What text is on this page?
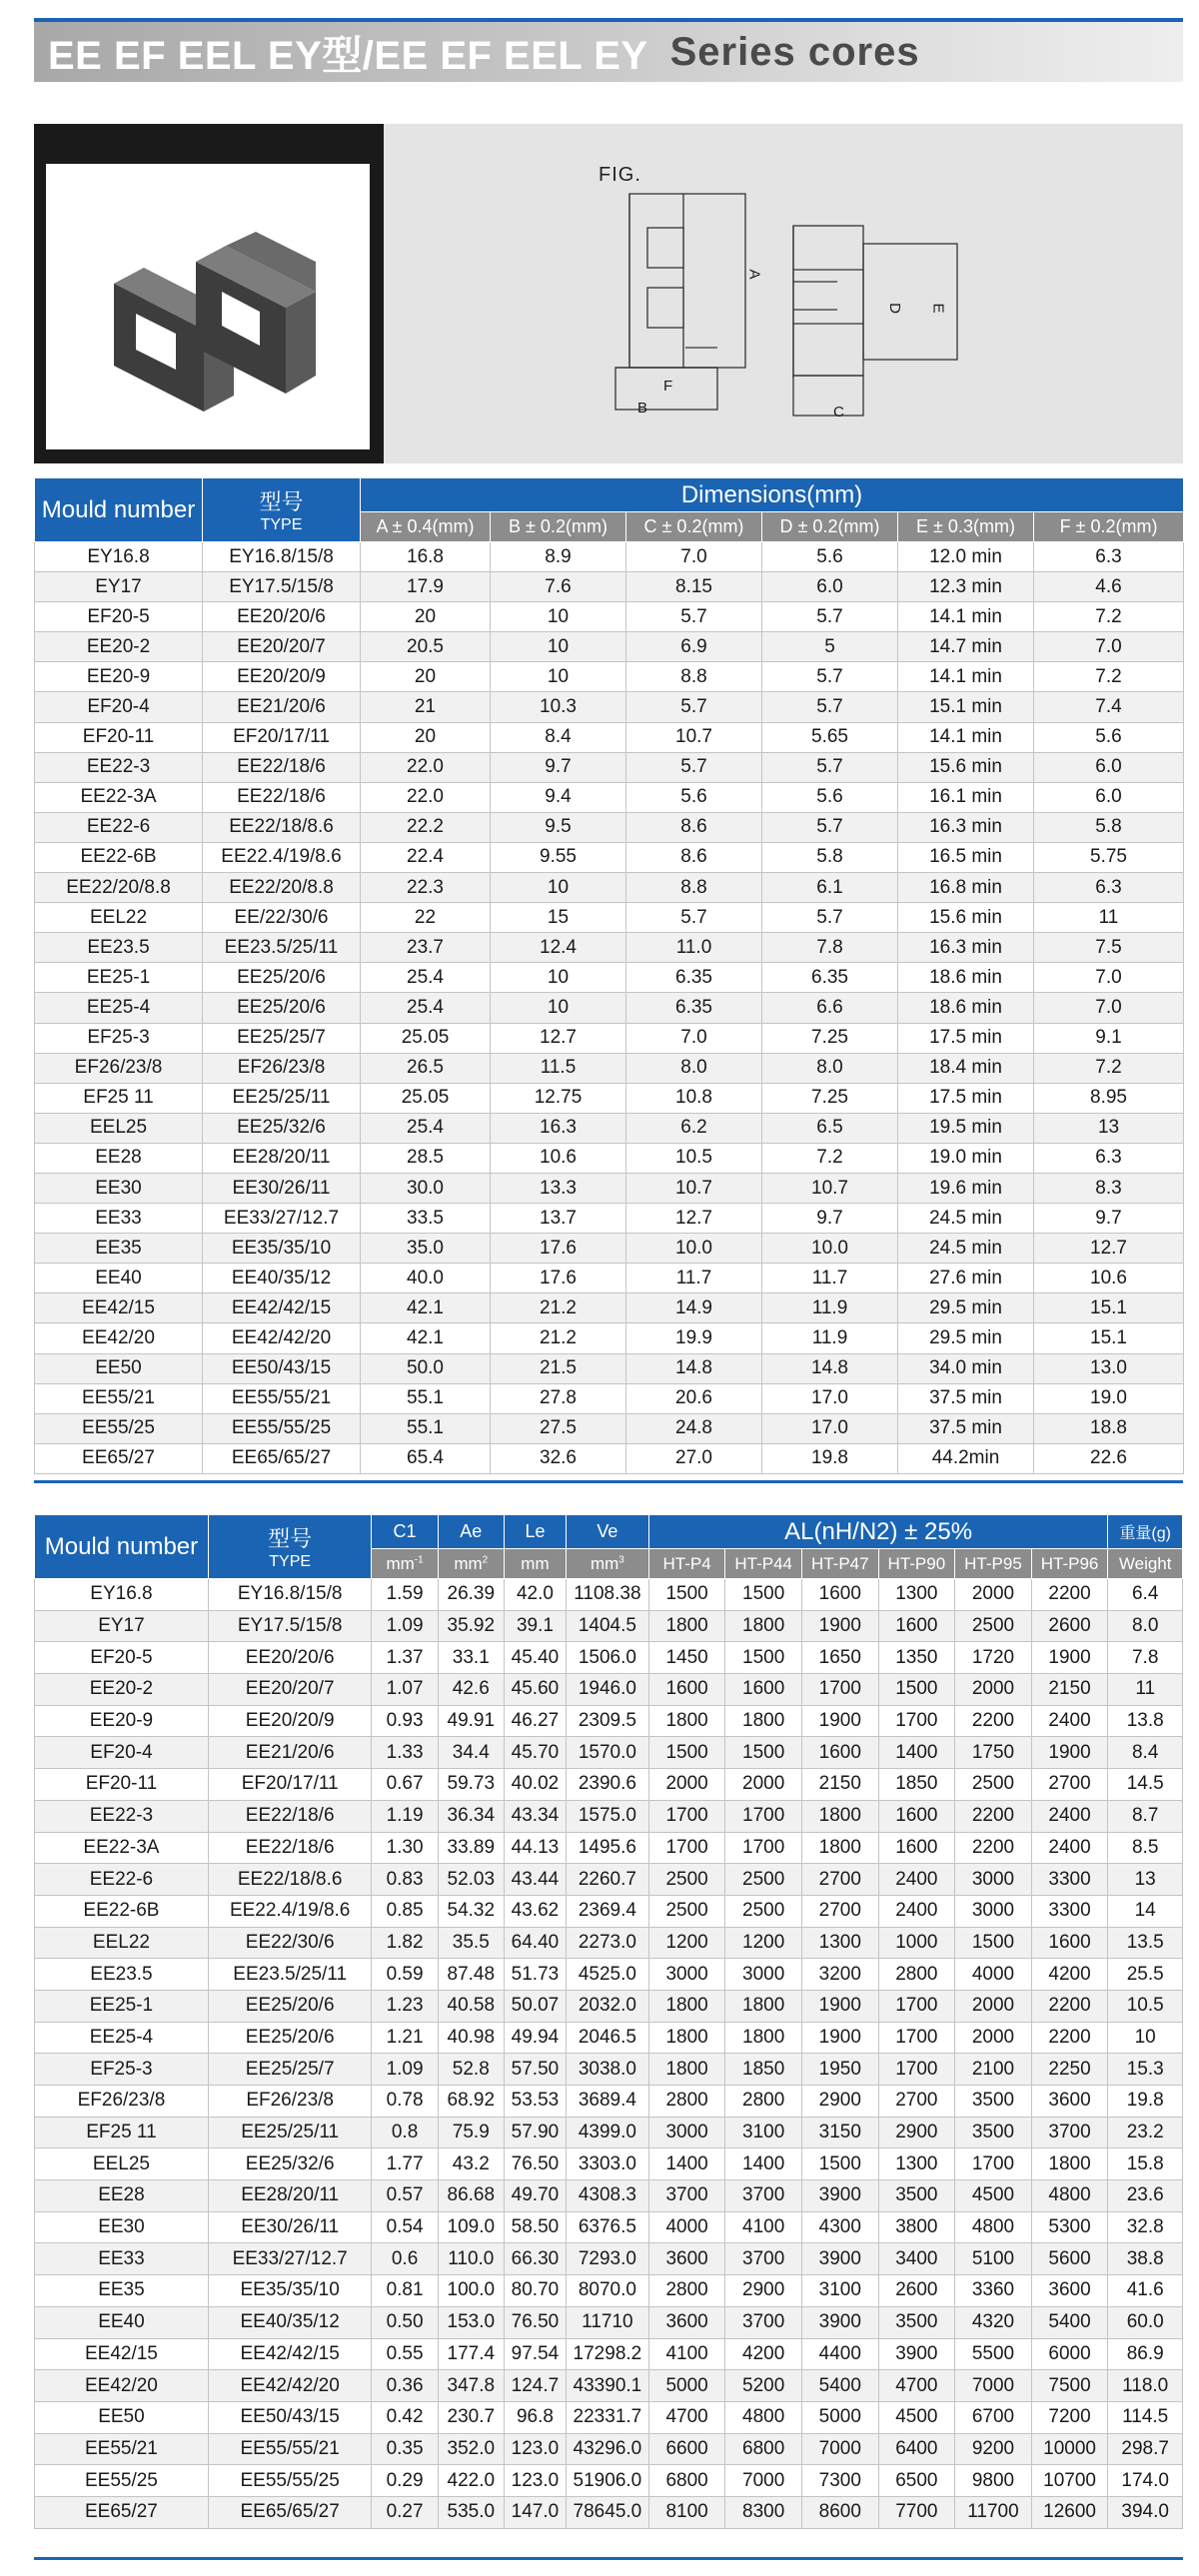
EE EF EEL EY型/EE EF EEL EY Series cores
FIG.
A
B
F
D E
C
Mould number	型号
TYPE	Dimensions(mm)					
		A ± 0.4(mm)	B ± 0.2(mm)	C ± 0.2(mm)	D ± 0.2(mm)	E ± 0.3(mm)	F ± 0.2(mm)
EY16.8	EY16.8/15/8	16.8	8.9	7.0	5.6	12.0 min	6.3
EY17	EY17.5/15/8	17.9	7.6	8.15	6.0	12.3 min	4.6
EF20-5	EE20/20/6	20	10	5.7	5.7	14.1 min	7.2
EE20-2	EE20/20/7	20.5	10	6.9	5	14.7 min	7.0
EE20-9	EE20/20/9	20	10	8.8	5.7	14.1 min	7.2
EF20-4	EE21/20/6	21	10.3	5.7	5.7	15.1 min	7.4
EF20-11	EF20/17/11	20	8.4	10.7	5.65	14.1 min	5.6
EE22-3	EE22/18/6	22.0	9.7	5.7	5.7	15.6 min	6.0
EE22-3A	EE22/18/6	22.0	9.4	5.6	5.6	16.1 min	6.0
EE22-6	EE22/18/8.6	22.2	9.5	8.6	5.7	16.3 min	5.8
EE22-6B	EE22.4/19/8.6	22.4	9.55	8.6	5.8	16.5 min	5.75
EE22/20/8.8	EE22/20/8.8	22.3	10	8.8	6.1	16.8 min	6.3
EEL22	EE/22/30/6	22	15	5.7	5.7	15.6 min	11
EE23.5	EE23.5/25/11	23.7	12.4	11.0	7.8	16.3 min	7.5
EE25-1	EE25/20/6	25.4	10	6.35	6.35	18.6 min	7.0
EE25-4	EE25/20/6	25.4	10	6.35	6.6	18.6 min	7.0
EF25-3	EE25/25/7	25.05	12.7	7.0	7.25	17.5 min	9.1
EF26/23/8	EF26/23/8	26.5	11.5	8.0	8.0	18.4 min	7.2
EF25 11	EE25/25/11	25.05	12.75	10.8	7.25	17.5 min	8.95
EEL25	EE25/32/6	25.4	16.3	6.2	6.5	19.5 min	13
EE28	EE28/20/11	28.5	10.6	10.5	7.2	19.0 min	6.3
EE30	EE30/26/11	30.0	13.3	10.7	10.7	19.6 min	8.3
EE33	EE33/27/12.7	33.5	13.7	12.7	9.7	24.5 min	9.7
EE35	EE35/35/10	35.0	17.6	10.0	10.0	24.5 min	12.7
EE40	EE40/35/12	40.0	17.6	11.7	11.7	27.6 min	10.6
EE42/15	EE42/42/15	42.1	21.2	14.9	11.9	29.5 min	15.1
EE42/20	EE42/42/20	42.1	21.2	19.9	11.9	29.5 min	15.1
EE50	EE50/43/15	50.0	21.5	14.8	14.8	34.0 min	13.0
EE55/21	EE55/55/21	55.1	27.8	20.6	17.0	37.5 min	19.0
EE55/25	EE55/55/25	55.1	27.5	24.8	17.0	37.5 min	18.8
EE65/27	EE65/65/27	65.4	32.6	27.0	19.8	44.2min	22.6
Mould number	型号
TYPE	C1	Ae	Le	Ve	AL(nH/N2) ± 25%						重量(g)
		$mm^{-1}$	$mm^2$	mm	$mm^3$	HT-P4	HT-P44	HT-P47	HT-P90	HT-P95	HT-P96	Weight
EY16.8	EY16.8/15/8	1.59	26.39	42.0	1108.38	1500	1500	1600	1300	2000	2200	6.4
EY17	EY17.5/15/8	1.09	35.92	39.1	1404.5	1800	1800	1900	1600	2500	2600	8.0
EF20-5	EE20/20/6	1.37	33.1	45.40	1506.0	1450	1500	1650	1350	1720	1900	7.8
EE20-2	EE20/20/7	1.07	42.6	45.60	1946.0	1600	1600	1700	1500	2000	2150	11
EE20-9	EE20/20/9	0.93	49.91	46.27	2309.5	1800	1800	1900	1700	2200	2400	13.8
EF20-4	EE21/20/6	1.33	34.4	45.70	1570.0	1500	1500	1600	1400	1750	1900	8.4
EF20-11	EF20/17/11	0.67	59.73	40.02	2390.6	2000	2000	2150	1850	2500	2700	14.5
EE22-3	EE22/18/6	1.19	36.34	43.34	1575.0	1700	1700	1800	1600	2200	2400	8.7
EE22-3A	EE22/18/6	1.30	33.89	44.13	1495.6	1700	1700	1800	1600	2200	2400	8.5
EE22-6	EE22/18/8.6	0.83	52.03	43.44	2260.7	2500	2500	2700	2400	3000	3300	13
EE22-6B	EE22.4/19/8.6	0.85	54.32	43.62	2369.4	2500	2500	2700	2400	3000	3300	14
EEL22	EE22/30/6	1.82	35.5	64.40	2273.0	1200	1200	1300	1000	1500	1600	13.5
EE23.5	EE23.5/25/11	0.59	87.48	51.73	4525.0	3000	3000	3200	2800	4000	4200	25.5
EE25-1	EE25/20/6	1.23	40.58	50.07	2032.0	1800	1800	1900	1700	2000	2200	10.5
EE25-4	EE25/20/6	1.21	40.98	49.94	2046.5	1800	1800	1900	1700	2000	2200	10
EF25-3	EE25/25/7	1.09	52.8	57.50	3038.0	1800	1850	1950	1700	2100	2250	15.3
EF26/23/8	EF26/23/8	0.78	68.92	53.53	3689.4	2800	2800	2900	2700	3500	3600	19.8
EF25 11	EE25/25/11	0.8	75.9	57.90	4399.0	3000	3100	3150	2900	3500	3700	23.2
EEL25	EE25/32/6	1.77	43.2	76.50	3303.0	1400	1400	1500	1300	1700	1800	15.8
EE28	EE28/20/11	0.57	86.68	49.70	4308.3	3700	3700	3900	3500	4500	4800	23.6
EE30	EE30/26/11	0.54	109.0	58.50	6376.5	4000	4100	4300	3800	4800	5300	32.8
EE33	EE33/27/12.7	0.6	110.0	66.30	7293.0	3600	3700	3900	3400	5100	5600	38.8
EE35	EE35/35/10	0.81	100.0	80.70	8070.0	2800	2900	3100	2600	3360	3600	41.6
EE40	EE40/35/12	0.50	153.0	76.50	11710	3600	3700	3900	3500	4320	5400	60.0
EE42/15	EE42/42/15	0.55	177.4	97.54	17298.2	4100	4200	4400	3900	5500	6000	86.9
EE42/20	EE42/42/20	0.36	347.8	124.7	43390.1	5000	5200	5400	4700	7000	7500	118.0
EE50	EE50/43/15	0.42	230.7	96.8	22331.7	4700	4800	5000	4500	6700	7200	114.5
EE55/21	EE55/55/21	0.35	352.0	123.0	43296.0	6600	6800	7000	6400	9200	10000	298.7
EE55/25	EE55/55/25	0.29	422.0	123.0	51906.0	6800	7000	7300	6500	9800	10700	174.0
EE65/27	EE65/65/27	0.27	535.0	147.0	78645.0	8100	8300	8600	7700	11700	12600	394.0
